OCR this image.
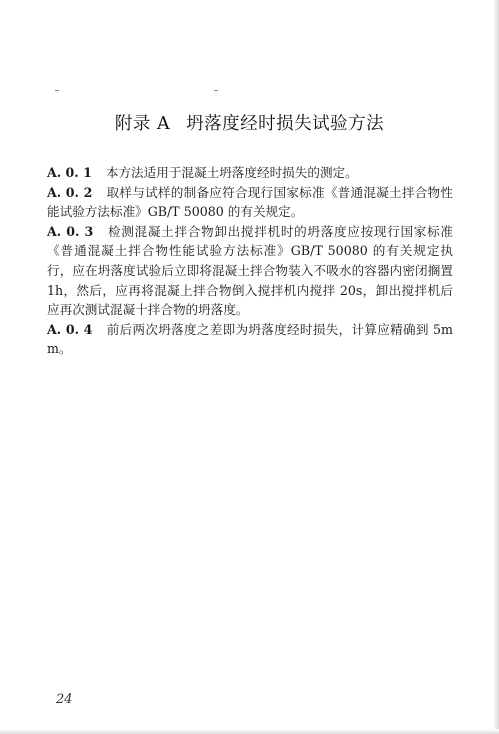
附录 A 坍落度经时损失试验方法

A. 0. 1 本方法适用于混凝土坍落度经时损失的测定。

A. 0. 2 取样与试样的制备应符合现行国家标准《普通混凝土拌合物性能试验方法标准》GB/T 50080 的有关规定。

A. 0. 3 检测混凝土拌合物卸出搅拌机时的坍落度应按现行国家标准《普通混凝土拌合物性能试验方法标准》GB/T 50080 的有关规定执行，应在坍落度试验后立即将混凝土拌合物装入不吸水的容器内密闭搁置 1h，然后，应再将混凝上拌合物倒入搅拌机内搅拌 20s，卸出搅拌机后应再次测试混凝十拌合物的坍落度。

A. 0. 4 前后两次坍落度之差即为坍落度经时损失，计算应精确到 5mm。

24
